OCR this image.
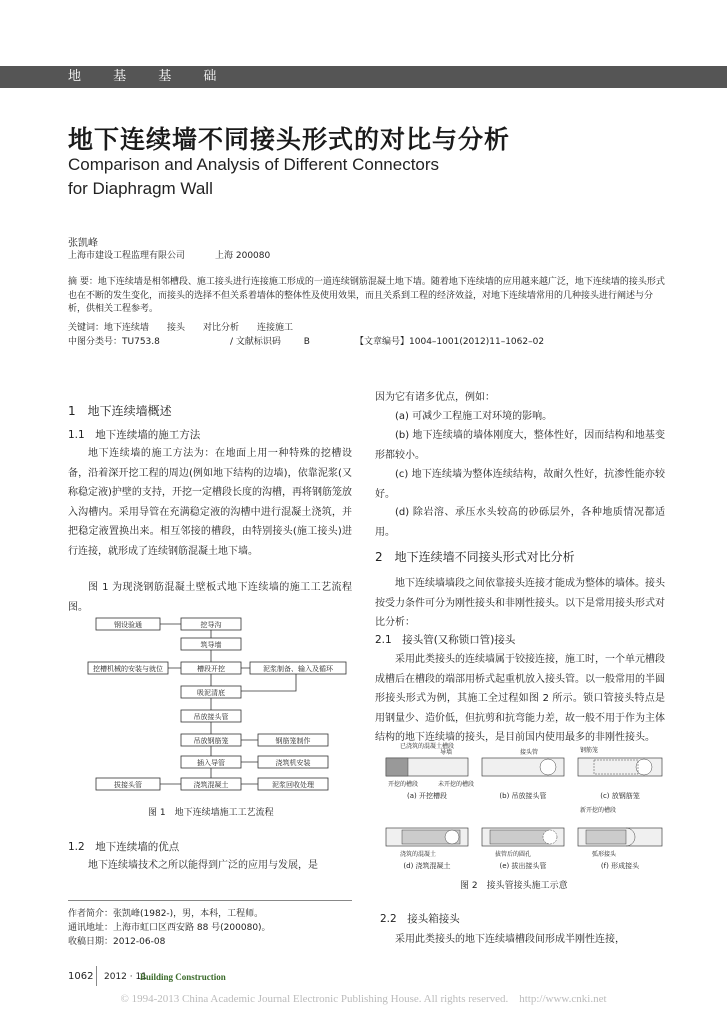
地 基 基 础
地下连续墙不同接头形式的对比与分析
Comparison and Analysis of Different Connectors
for Diaphragm Wall
张凯峰
上海市建设工程监理有限公司	上海 200080
摘 要：地下连续墙是相邻槽段、施工接头进行连接施工形成的一道连续钢筋混凝土地下墙。随着地下连续墙的应用越来越广泛，地下连续墙的接头形式也在不断的发生变化，而接头的选择不但关系着墙体的整体性及使用效果，而且关系到工程的经济效益，对地下连续墙常用的几种接头进行阐述与分析，供相关工程参考。
关键词：地下连续墙　　接头　　对比分析　　连接施工
中图分类号：TU753.8	/ 文献标识码	B	【文章编号】1004–1001(2012)11–1062–02
1　地下连续墙概述
1.1　地下连续墙的施工方法
地下连续墙的施工方法为：在地面上用一种特殊的挖槽设备，沿着深开挖工程的周边(例如地下结构的边墙)，依靠泥浆(又称稳定液)护壁的支持，开挖一定槽段长度的沟槽，再将钢筋笼放入沟槽内。采用导管在充满稳定液的沟槽中进行混凝土浇筑，并把稳定液置换出来。相互邻接的槽段，由特别接头(施工接头)进行连接，就形成了连续钢筋混凝土地下墙。
图 1 为现浇钢筋混凝土壁板式地下连续墙的施工工艺流程图。
钢设验通	挖导沟
筑导墙
挖槽机械的安装与就位	槽段开挖	泥浆制备、输入及循环
吸泥清底
吊放接头管
吊放钢筋笼	钢筋笼制作
插入导管	浇筑机安装
浇筑混凝土	泥浆回收处理
拔接头管
图 1　地下连续墙施工工艺流程
1.2　地下连续墙的优点
地下连续墙技术之所以能得到广泛的应用与发展，是
作者简介：张凯峰(1982-)，男，本科，工程师。
通讯地址：上海市虹口区西安路 88 号(200080)。
收稿日期：2012-06-08
因为它有诸多优点，例如：
(a) 可减少工程施工对环境的影响。
(b) 地下连续墙的墙体刚度大，整体性好，因而结构和地基变形都较小。
(c) 地下连续墙为整体连续结构，故耐久性好，抗渗性能亦较好。
(d) 除岩溶、承压水头较高的砂砾层外，各种地质情况都适用。
2　地下连续墙不同接头形式对比分析
地下连续墙墙段之间依靠接头连接才能成为整体的墙体。接头按受力条件可分为刚性接头和非刚性接头。以下是常用接头形式对比分析：
2.1　接头管(又称锁口管)接头
采用此类接头的连续墙属于铰接连接，施工时，一个单元槽段成槽后在槽段的端部用桥式起重机放入接头管。以一般常用的半圆形接头形式为例，其施工全过程如图 2 所示。锁口管接头特点是用钢量少、造价低，但抗剪和抗弯能力差，故一般不用于作为主体结构的地下连续墙的接头，是目前国内使用最多的非刚性接头。
已浇筑的混凝土槽段
导墙	接头管	钢筋笼
开挖的槽段	未开挖的槽段
新开挖的槽段
浇筑的混凝土	拔管后的圆孔	弧形接头
(a) 开挖槽段	(b) 吊放接头管	(c) 放钢筋笼
(d) 浇筑混凝土	(e) 拔出接头管	(f) 形成接头
图 2　接头管接头施工示意
2.2　接头箱接头
采用此类接头的地下连续墙槽段间形成半刚性连接，
1062 2012 · 11
Building Construction
© 1994-2013 China Academic Journal Electronic Publishing House. All rights reserved.　http://www.cnki.net
